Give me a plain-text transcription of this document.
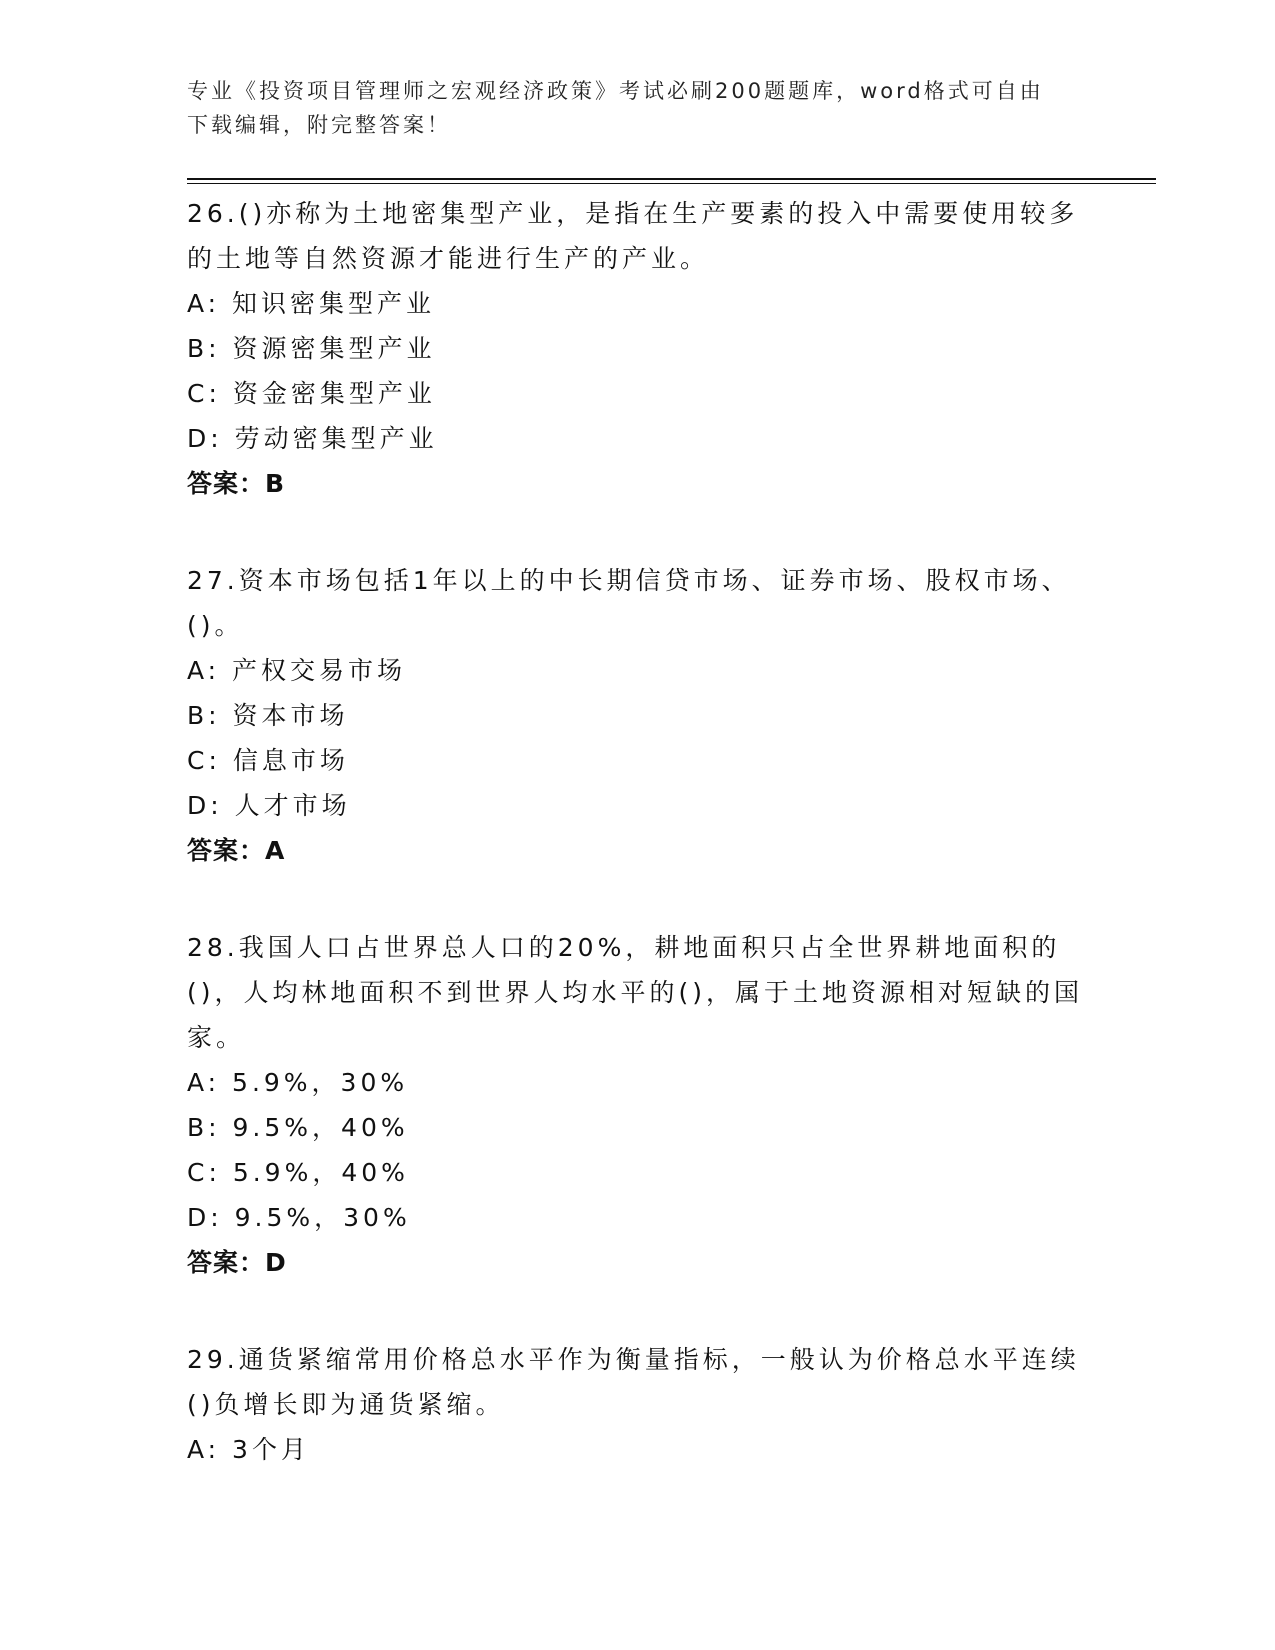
专业《投资项目管理师之宏观经济政策》考试必刷200题题库，word格式可自由下载编辑，附完整答案！
26.()亦称为土地密集型产业，是指在生产要素的投入中需要使用较多的土地等自然资源才能进行生产的产业。
A: 知识密集型产业
B: 资源密集型产业
C: 资金密集型产业
D: 劳动密集型产业
答案：B
27.资本市场包括1年以上的中长期信贷市场、证券市场、股权市场、()。
A: 产权交易市场
B: 资本市场
C: 信息市场
D: 人才市场
答案：A
28.我国人口占世界总人口的20%，耕地面积只占全世界耕地面积的()，人均林地面积不到世界人均水平的()，属于土地资源相对短缺的国家。
A: 5.9%，30%
B: 9.5%，40%
C: 5.9%，40%
D: 9.5%，30%
答案：D
29.通货紧缩常用价格总水平作为衡量指标，一般认为价格总水平连续()负增长即为通货紧缩。
A: 3个月
